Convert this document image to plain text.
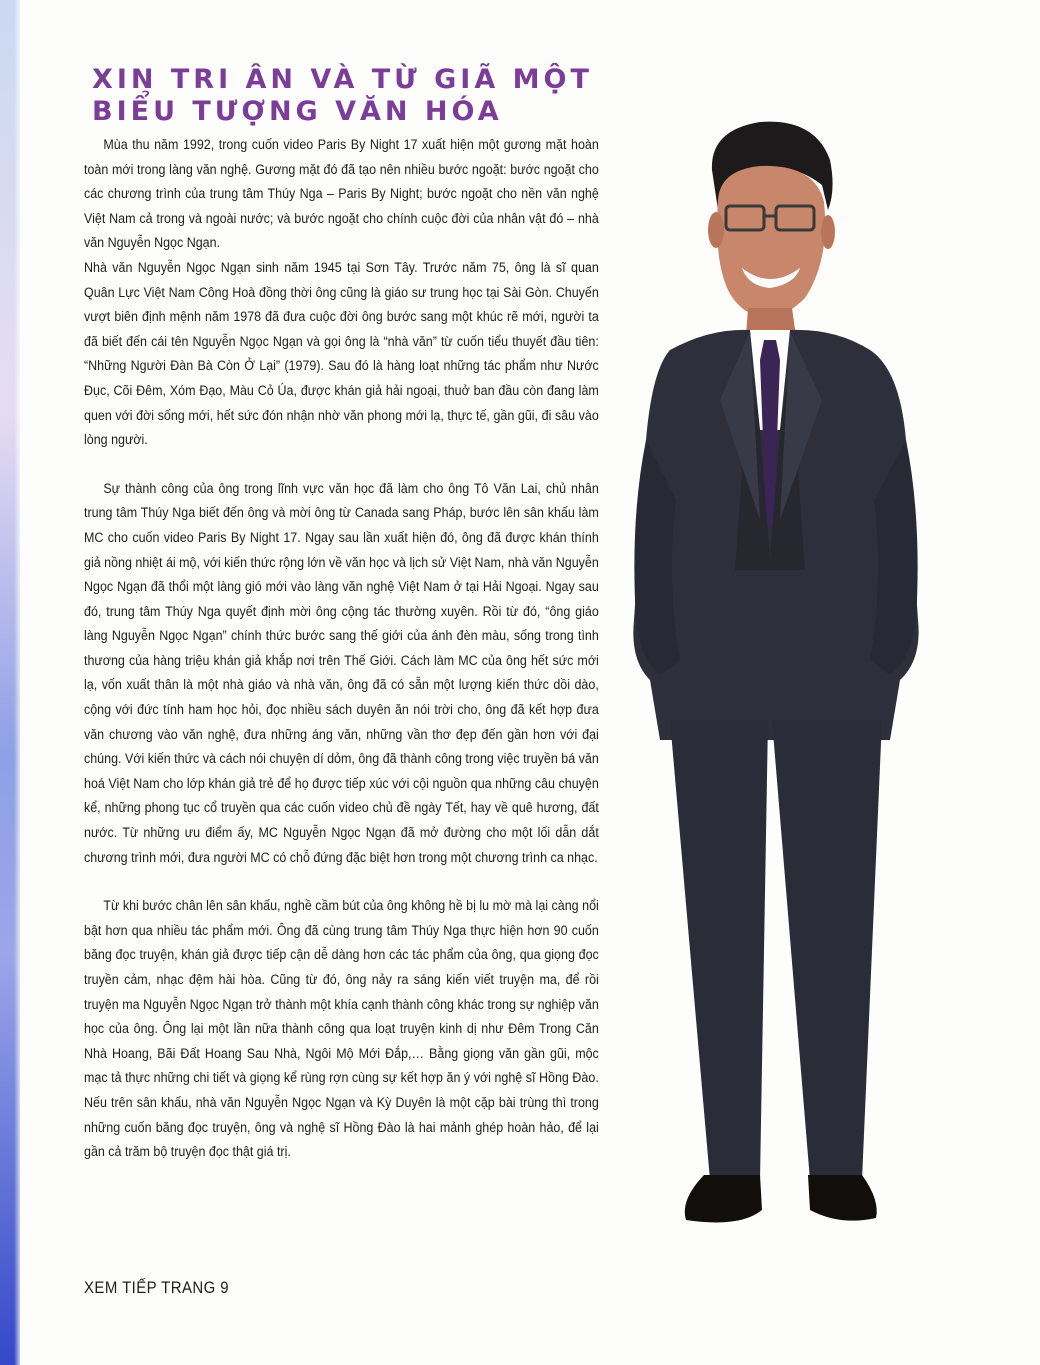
XIN TRI ÂN VÀ TỪ GIÃ MỘT
BIỂU TƯỢNG VĂN HÓA

Mùa thu năm 1992, trong cuốn video Paris By Night 17 xuất hiện một gương mặt hoàn toàn mới trong làng văn nghệ. Gương mặt đó đã tạo nên nhiều bước ngoặt: bước ngoặt cho các chương trình của trung tâm Thúy Nga – Paris By Night; bước ngoặt cho nền văn nghệ Việt Nam cả trong và ngoài nước; và bước ngoặt cho chính cuộc đời của nhân vật đó – nhà văn Nguyễn Ngọc Ngạn.

Nhà văn Nguyễn Ngọc Ngạn sinh năm 1945 tại Sơn Tây. Trước năm 75, ông là sĩ quan Quân Lực Việt Nam Công Hoà đồng thời ông cũng là giáo sư trung học tại Sài Gòn. Chuyến vượt biên định mệnh năm 1978 đã đưa cuộc đời ông bước sang một khúc rẽ mới, người ta đã biết đến cái tên Nguyễn Ngọc Ngạn và gọi ông là “nhà văn” từ cuốn tiểu thuyết đầu tiên: “Những Người Đàn Bà Còn Ở Lại” (1979). Sau đó là hàng loạt những tác phẩm như Nước Đục, Cõi Đêm, Xóm Đạo, Màu Cỏ Úa, được khán giả hải ngoại, thuở ban đầu còn đang làm quen với đời sống mới, hết sức đón nhận nhờ văn phong mới lạ, thực tế, gần gũi, đi sâu vào lòng người.

Sự thành công của ông trong lĩnh vực văn học đã làm cho ông Tô Văn Lai, chủ nhân trung tâm Thúy Nga biết đến ông và mời ông từ Canada sang Pháp, bước lên sân khấu làm MC cho cuốn video Paris By Night 17. Ngay sau lần xuất hiện đó, ông đã được khán thính giả nồng nhiệt ái mộ, với kiến thức rộng lớn về văn học và lịch sử Việt Nam, nhà văn Nguyễn Ngọc Ngạn đã thổi một làng gió mới vào làng văn nghệ Việt Nam ở tại Hải Ngoại. Ngay sau đó, trung tâm Thúy Nga quyết định mời ông cộng tác thường xuyên. Rồi từ đó, “ông giáo làng Nguyễn Ngọc Ngạn” chính thức bước sang thế giới của ánh đèn màu, sống trong tình thương của hàng triệu khán giả khắp nơi trên Thế Giới. Cách làm MC của ông hết sức mới lạ, vốn xuất thân là một nhà giáo và nhà văn, ông đã có sẵn một lượng kiến thức dồi dào, cộng với đức tính ham học hỏi, đọc nhiều sách duyên ăn nói trời cho, ông đã kết hợp đưa văn chương vào văn nghệ, đưa những áng văn, những vần thơ đẹp đến gần hơn với đại chúng. Với kiến thức và cách nói chuyện dí dỏm, ông đã thành công trong việc truyền bá văn hoá Việt Nam cho lớp khán giả trẻ để họ được tiếp xúc với cội nguồn qua những câu chuyện kể, những phong tục cổ truyền qua các cuốn video chủ đề ngày Tết, hay về quê hương, đất nước. Từ những ưu điểm ấy, MC Nguyễn Ngọc Ngạn đã mở đường cho một lối dẫn dắt chương trình mới, đưa người MC có chỗ đứng đặc biệt hơn trong một chương trình ca nhạc.

Từ khi bước chân lên sân khấu, nghề cầm bút của ông không hề bị lu mờ mà lại càng nổi bật hơn qua nhiều tác phẩm mới. Ông đã cùng trung tâm Thúy Nga thực hiện hơn 90 cuốn băng đọc truyện, khán giả được tiếp cận dễ dàng hơn các tác phẩm của ông, qua giọng đọc truyền cảm, nhạc đệm hài hòa. Cũng từ đó, ông nảy ra sáng kiến viết truyện ma, để rồi truyện ma Nguyễn Ngọc Ngạn trở thành một khía cạnh thành công khác trong sự nghiệp văn học của ông. Ông lại một lần nữa thành công qua loạt truyện kinh dị như Đêm Trong Căn Nhà Hoang, Bãi Đất Hoang Sau Nhà, Ngôi Mộ Mới Đắp,… Bằng giọng văn gần gũi, mộc mạc tả thực những chi tiết và giọng kể rùng rợn cùng sự kết hợp ăn ý với nghệ sĩ Hồng Đào. Nếu trên sân khấu, nhà văn Nguyễn Ngọc Ngạn và Kỳ Duyên là một cặp bài trùng thì trong những cuốn băng đọc truyện, ông và nghệ sĩ Hồng Đào là hai mảnh ghép hoàn hảo, để lại gần cả trăm bộ truyện đọc thật giá trị.

XEM TIẾP TRANG 9
